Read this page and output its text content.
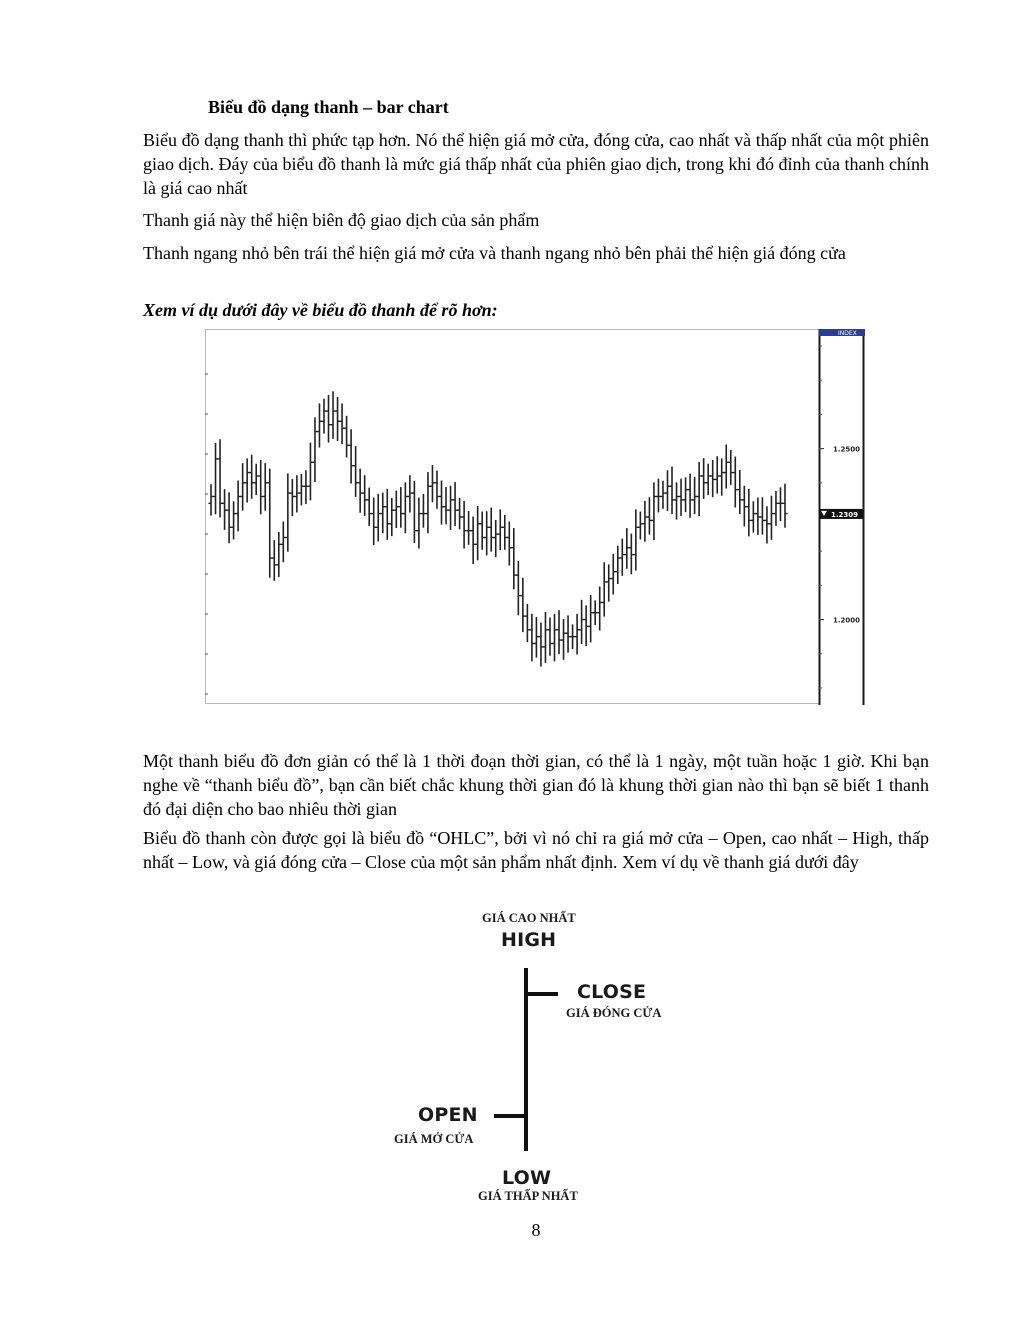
Biểu đồ dạng thanh – bar chart
Biểu đồ dạng thanh thì phức tạp hơn. Nó thể hiện giá mở cửa, đóng cửa, cao nhất và thấp nhất của một phiên giao dịch. Đáy của biểu đồ thanh là mức giá thấp nhất của phiên giao dịch, trong khi đó đỉnh của thanh chính là giá cao nhất
Thanh giá này thể hiện biên độ giao dịch của sản phẩm
Thanh ngang nhỏ bên trái thể hiện giá mở cửa và thanh ngang nhỏ bên phải thể hiện giá đóng cửa
Xem ví dụ dưới đây về biểu đồ thanh để rõ hơn:
INDEX
1.2500
1.2000
1.2309
Một thanh biểu đồ đơn giản có thể là 1 thời đoạn thời gian, có thể là 1 ngày, một tuần hoặc 1 giờ. Khi bạn nghe về “thanh biểu đồ”, bạn cần biết chắc khung thời gian đó là khung thời gian nào thì bạn sẽ biết 1 thanh đó đại diện cho bao nhiêu thời gian
Biểu đồ thanh còn được gọi là biểu đồ “OHLC”, bởi vì nó chỉ ra giá mở cửa – Open, cao nhất – High, thấp nhất – Low, và giá đóng cửa – Close của một sản phẩm nhất định. Xem ví dụ về thanh giá dưới đây
GIÁ CAO NHẤT
HIGH
CLOSE
GIÁ ĐÓNG CỬA
OPEN
GIÁ MỞ CỬA
LOW
GIÁ THẤP NHẤT
8
